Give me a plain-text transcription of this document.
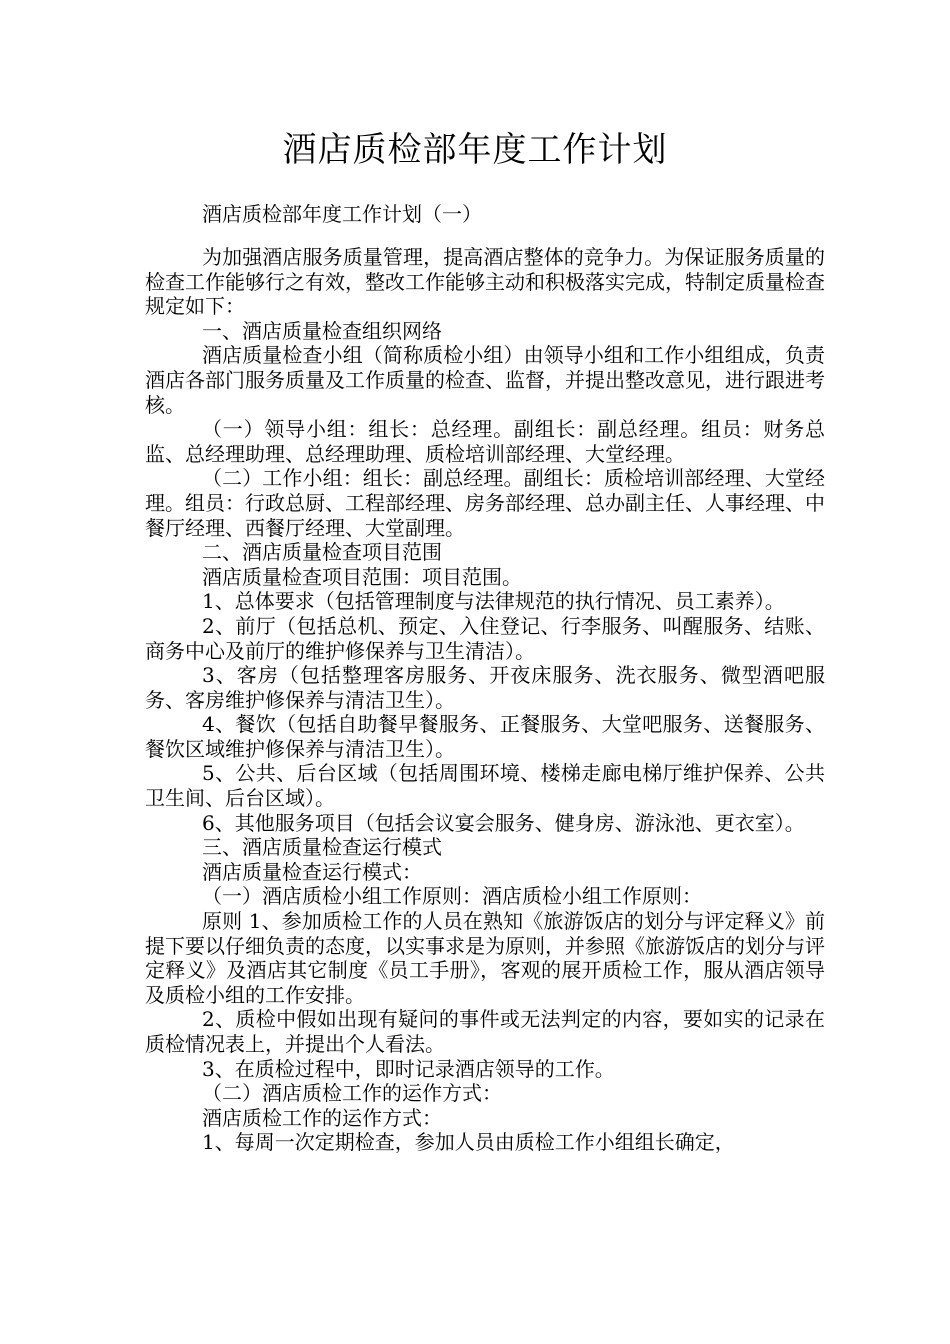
酒店质检部年度工作计划

酒店质检部年度工作计划（一）

为加强酒店服务质量管理，提高酒店整体的竞争力。为保证服务质量的检查工作能够行之有效，整改工作能够主动和积极落实完成，特制定质量检查规定如下：

一、酒店质量检查组织网络

酒店质量检查小组（简称质检小组）由领导小组和工作小组组成，负责酒店各部门服务质量及工作质量的检查、监督，并提出整改意见，进行跟进考核。

（一）领导小组：组长：总经理。副组长：副总经理。组员：财务总监、总经理助理、总经理助理、质检培训部经理、大堂经理。

（二）工作小组：组长：副总经理。副组长：质检培训部经理、大堂经理。组员：行政总厨、工程部经理、房务部经理、总办副主任、人事经理、中餐厅经理、西餐厅经理、大堂副理。

二、酒店质量检查项目范围

酒店质量检查项目范围：项目范围。

1、总体要求（包括管理制度与法律规范的执行情况、员工素养）。

2、前厅（包括总机、预定、入住登记、行李服务、叫醒服务、结账、商务中心及前厅的维护修保养与卫生清洁）。

3、客房（包括整理客房服务、开夜床服务、洗衣服务、微型酒吧服务、客房维护修保养与清洁卫生）。

4、餐饮（包括自助餐早餐服务、正餐服务、大堂吧服务、送餐服务、餐饮区域维护修保养与清洁卫生）。

5、公共、后台区域（包括周围环境、楼梯走廊电梯厅维护保养、公共卫生间、后台区域）。

6、其他服务项目（包括会议宴会服务、健身房、游泳池、更衣室）。

三、酒店质量检查运行模式

酒店质量检查运行模式：

（一）酒店质检小组工作原则：酒店质检小组工作原则：

原则 1、参加质检工作的人员在熟知《旅游饭店的划分与评定释义》前提下要以仔细负责的态度，以实事求是为原则，并参照《旅游饭店的划分与评定释义》及酒店其它制度《员工手册》，客观的展开质检工作，服从酒店领导及质检小组的工作安排。

2、质检中假如出现有疑问的事件或无法判定的内容，要如实的记录在质检情况表上，并提出个人看法。

3、在质检过程中，即时记录酒店领导的工作。

（二）酒店质检工作的运作方式：

酒店质检工作的运作方式：

1、每周一次定期检查，参加人员由质检工作小组组长确定，
